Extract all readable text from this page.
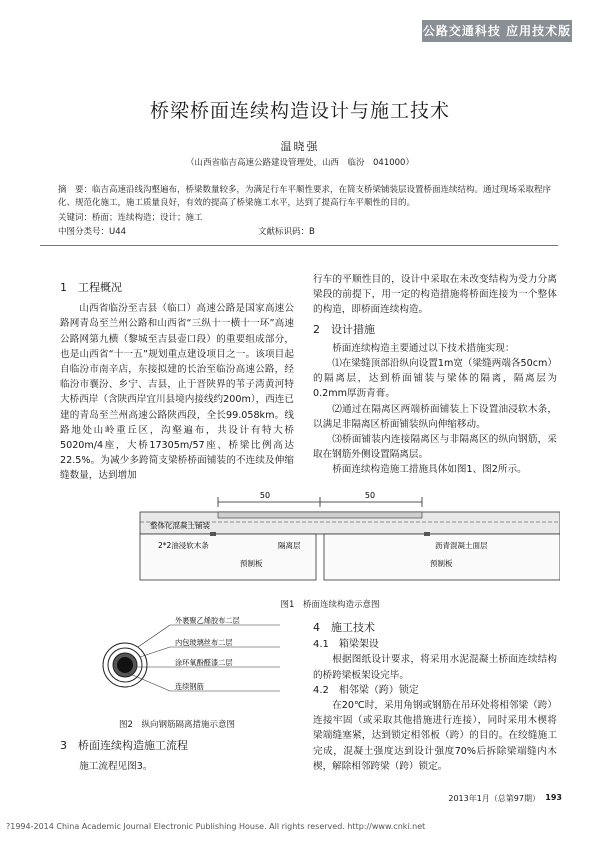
公路交通科技 应用技术版
桥梁桥面连续构造设计与施工技术
温晓强
（山西省临吉高速公路建设管理处，山西　临汾　041000）
摘　要：临吉高速沿线沟壑遍布，桥梁数量较多，为满足行车平顺性要求，在简支桥梁铺装层设置桥面连续结构。通过现场采取程序化、规范化施工，施工质量良好，有效的提高了桥梁施工水平，达到了提高行车平顺性的目的。
关键词：桥面；连续构造；设计；施工
中图分类号：U44	文献标识码：B
1　工程概况

山西省临汾至吉县（临口）高速公路是国家高速公路网青岛至兰州公路和山西省“三纵十一横十一环”高速公路网第九横（黎城至吉县壶口段）的重要组成部分，也是山西省“十一五”规划重点建设项目之一。该项目起自临汾市南辛店，东接拟建的长治至临汾高速公路，经临汾市襄汾、乡宁、吉县，止于晋陕界的苇子湾黄河特大桥西岸（含陕西岸宜川县境内接线约200m），西连已建的青岛至兰州高速公路陕西段，全长99.058km。线路地处山岭重丘区，沟壑遍布，共设计有特大桥5020m/4座，大桥17305m/57座、桥梁比例高达22.5%。为减少多跨简支梁桥桥面铺装的不连续及伸缩缝数量，达到增加

行车的平顺性目的，设计中采取在未改变结构为受力分离梁段的前提下，用一定的构造措施将桥面连接为一个整体的构造，即桥面连续构造。

2　设计措施

桥面连续构造主要通过以下技术措施实现：

⑴在梁缝顶部沿纵向设置1m宽（梁缝两端各50cm）的隔离层，达到桥面铺装与梁体的隔离，隔离层为0.2mm厚沥青膏。

⑵通过在隔离区两端桥面铺装上下设置油浸软木条，以满足非隔离区桥面铺装纵向伸缩移动。

⑶桥面铺装内连接隔离区与非隔离区的纵向钢筋，采取在钢筋外侧设置隔离层。

桥面连续构造施工措施具体如图1、图2所示。

50	50
整体化混凝土铺装
2*2油浸软木条	隔离层	沥青混凝土面层
预制板	预制板
图1　桥面连续构造示意图
外裹聚乙烯胶布二层
内包玻璃丝布二层
涂环氧酚醛漆二层
连续钢筋
图2　纵向钢筋隔离措施示意图
3　桥面连续构造施工流程

施工流程见图3。

4　施工技术
4.1　箱梁架设

根据图纸设计要求，将采用水泥混凝土桥面连续结构的桥跨梁板架设完毕。

4.2　相邻梁（跨）锁定

在20℃时，采用角钢或钢筋在吊环处将相邻梁（跨）连接牢固（或采取其他措施进行连接），同时采用木楔将梁端缝塞紧，达到锁定相邻板（跨）的目的。在绞缝施工完成，混凝土强度达到设计强度70%后拆除梁端缝内木楔，解除相邻跨梁（跨）锁定。

2013年1月（总第97期） 193
?1994-2014 China Academic Journal Electronic Publishing House. All rights reserved. http://www.cnki.net
